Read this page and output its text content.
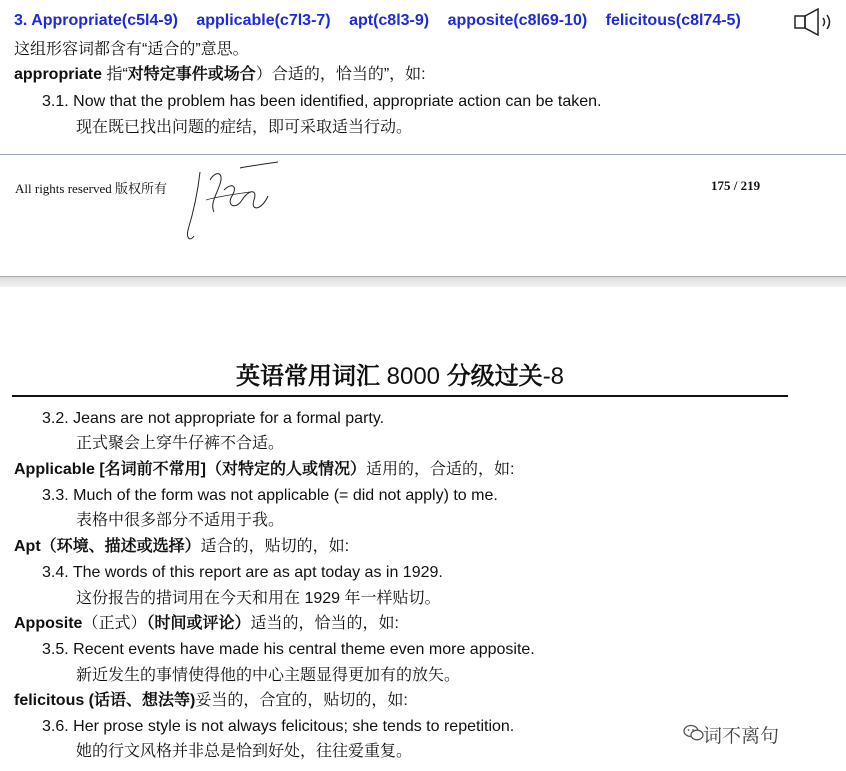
3. Appropriate(c5l4-9) applicable(c7l3-7) apt(c8l3-9) apposite(c8l69-10) felicitous(c8l74-5)
这组形容词都含有“适合的”意思。
appropriate 指“对特定事件或场合）合适的，恰当的”，如:
3.1. Now that the problem has been identified, appropriate action can be taken.
现在既已找出问题的症结，即可采取适当行动。
All rights reserved 版权所有	175 / 219
英语常用词汇 8000 分级过关-8
3.2. Jeans are not appropriate for a formal party.
正式聚会上穿牛仔裤不合适。
Applicable [名词前不常用]（对特定的人或情况）适用的，合适的，如:
3.3. Much of the form was not applicable (= did not apply) to me.
表格中很多部分不适用于我。
Apt（环境、描述或选择）适合的，贴切的，如:
3.4. The words of this report are as apt today as in 1929.
这份报告的措词用在今天和用在 1929 年一样贴切。
Apposite（正式）（时间或评论）适当的，恰当的，如:
3.5. Recent events have made his central theme even more apposite.
新近发生的事情使得他的中心主题显得更加有的放矢。
felicitous (话语、想法等)妥当的，合宜的，贴切的，如:
3.6. Her prose style is not always felicitous; she tends to repetition.
她的行文风格并非总是恰到好处，往往爱重复。
词不离句
